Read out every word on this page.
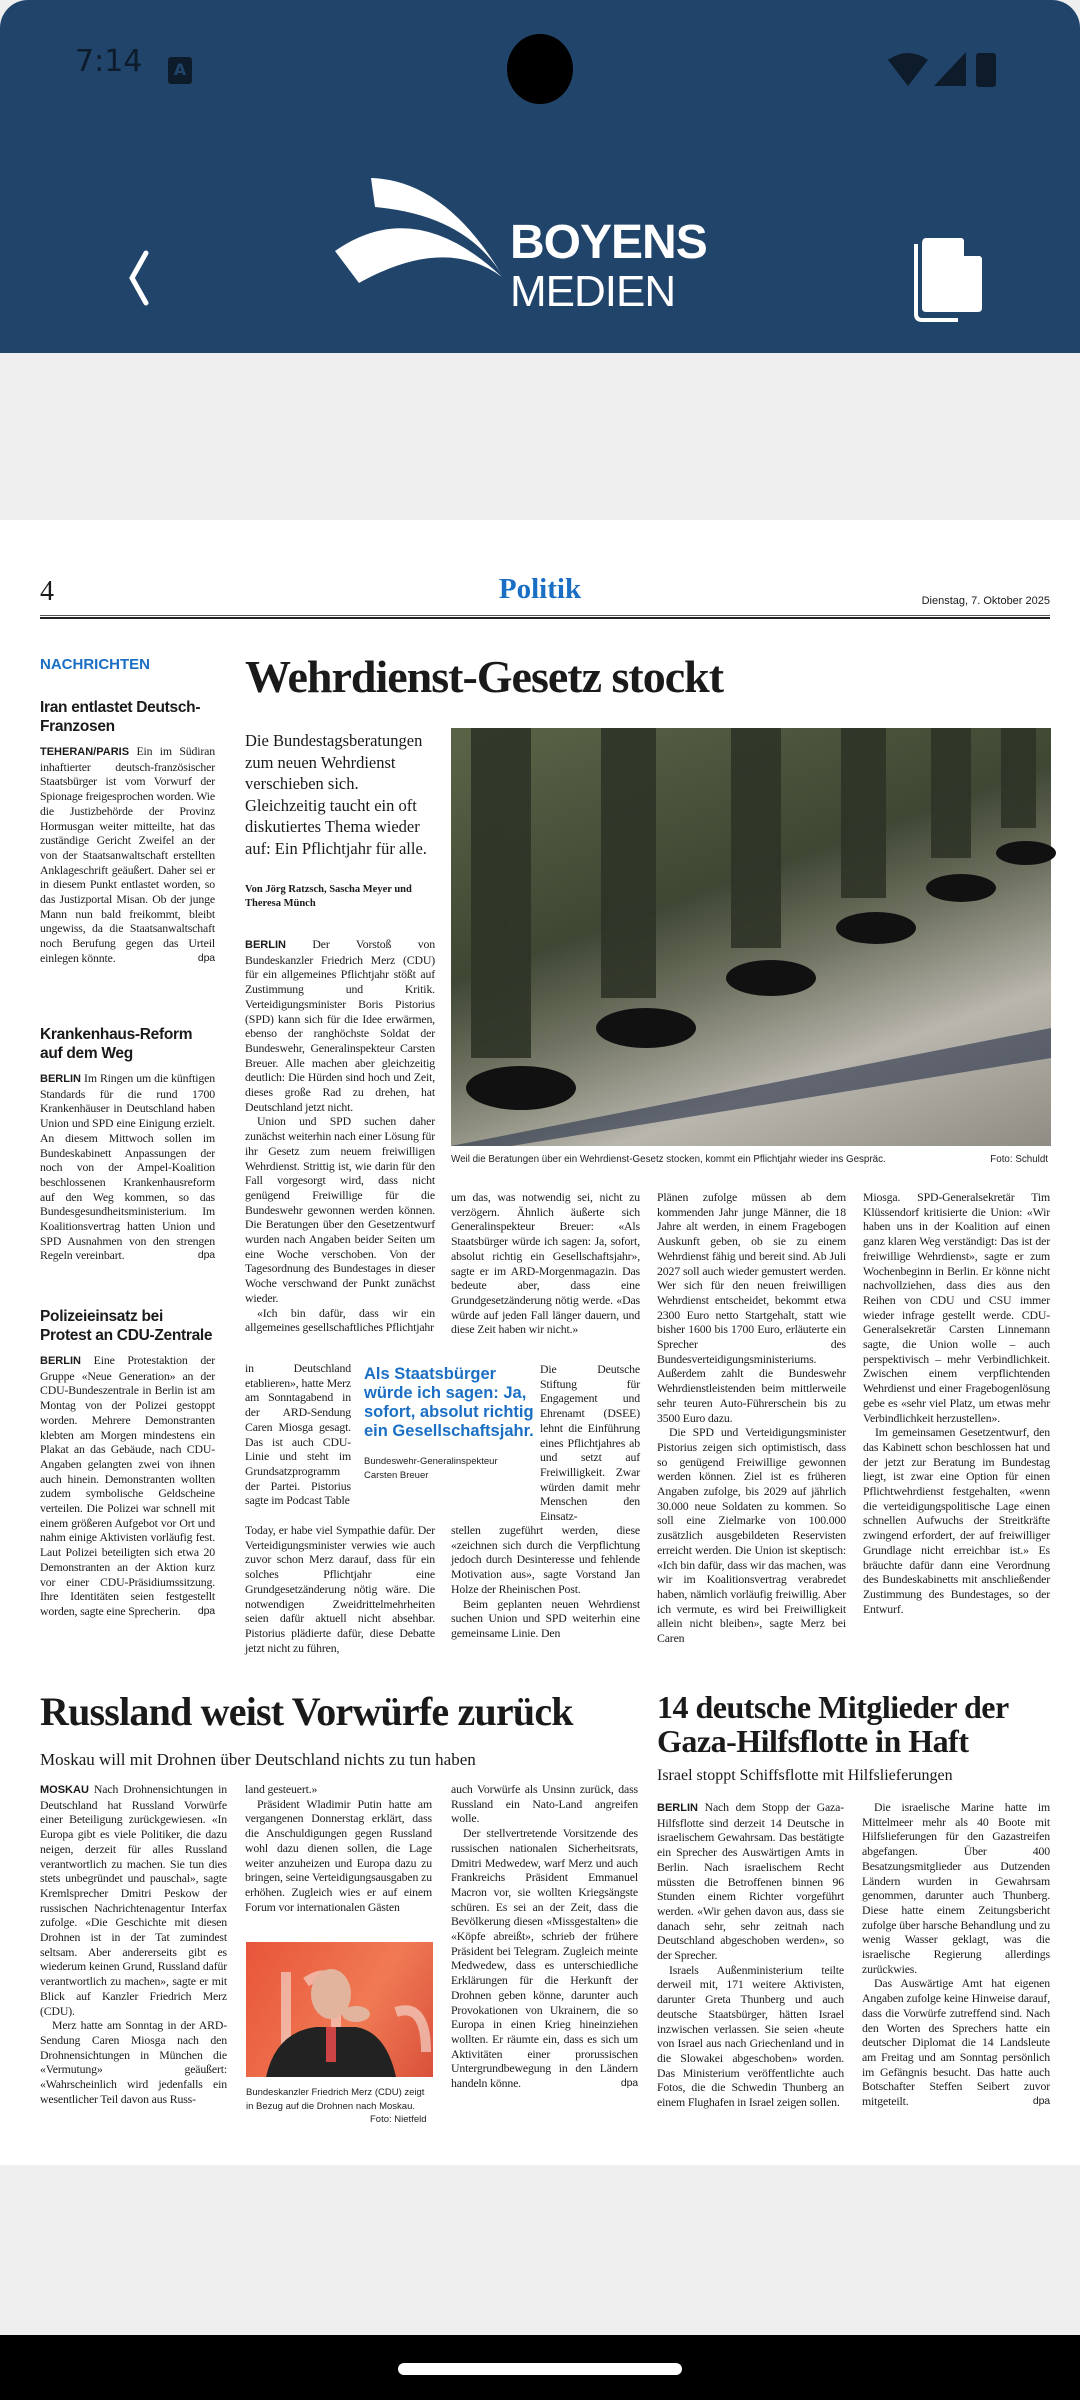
7:14	A
BOYENS
MEDIEN
4	Politik	Dienstag, 7. Oktober 2025
NACHRICHTEN
Iran entlastet Deutsch-Franzosen
TEHERAN/PARIS Ein im Südiran inhaftierter deutsch-französischer Staatsbürger ist vom Vorwurf der Spionage freigesprochen worden. Wie die Justizbehörde der Provinz Hormusgan weiter mitteilte, hat das zuständige Gericht Zweifel an der von der Staatsanwaltschaft erstellten Anklageschrift geäußert. Daher sei er in diesem Punkt entlastet worden, so das Justizportal Misan. Ob der junge Mann nun bald freikommt, bleibt ungewiss, da die Staatsanwaltschaft noch Berufung gegen das Urteil einlegen könnte.	dpa
Krankenhaus-Reform auf dem Weg
BERLIN Im Ringen um die künftigen Standards für die rund 1700 Krankenhäuser in Deutschland haben Union und SPD eine Einigung erzielt. An diesem Mittwoch sollen im Bundeskabinett Anpassungen der noch von der Ampel-Koalition beschlossenen Krankenhausreform auf den Weg kommen, so das Bundesgesundheitsministerium. Im Koalitionsvertrag hatten Union und SPD Ausnahmen von den strengen Regeln vereinbart.	dpa
Polizeieinsatz bei Protest an CDU-Zentrale
BERLIN Eine Protestaktion der Gruppe «Neue Generation» an der CDU-Bundeszentrale in Berlin ist am Montag von der Polizei gestoppt worden. Mehrere Demonstranten klebten am Morgen mindestens ein Plakat an das Gebäude, nach CDU-Angaben gelangten zwei von ihnen auch hinein. Demonstranten wollten zudem symbolische Geldscheine verteilen. Die Polizei war schnell mit einem größeren Aufgebot vor Ort und nahm einige Aktivisten vorläufig fest. Laut Polizei beteiligten sich etwa 20 Demonstranten an der Aktion kurz vor einer CDU-Präsidiumssitzung. Ihre Identitäten seien festgestellt worden, sagte eine Sprecherin. dpa
Wehrdienst-Gesetz stockt
Die Bundestagsberatungen zum neuen Wehrdienst verschieben sich. Gleichzeitig taucht ein oft diskutiertes Thema wieder auf: Ein Pflichtjahr für alle.
Von Jörg Ratzsch, Sascha Meyer und Theresa Münch
Weil die Beratungen über ein Wehrdienst-Gesetz stocken, kommt ein Pflichtjahr wieder ins Gespräc.	Foto: Schuldt

BERLIN Der Vorstoß von Bundeskanzler Friedrich Merz (CDU) für ein allgemeines Pflichtjahr stößt auf Zustimmung und Kritik. Verteidigungsminister Boris Pistorius (SPD) kann sich für die Idee erwärmen, ebenso der ranghöchste Soldat der Bundeswehr, Generalinspekteur Carsten Breuer. Alle machen aber gleichzeitig deutlich: Die Hürden sind hoch und Zeit, dieses große Rad zu drehen, hat Deutschland jetzt nicht.

Union und SPD suchen daher zunächst weiterhin nach einer Lösung für ihr Gesetz zum neuem freiwilligen Wehrdienst. Strittig ist, wie darin für den Fall vorgesorgt wird, dass nicht genügend Freiwillige für die Bundeswehr gewonnen werden können. Die Beratungen über den Gesetzentwurf wurden nach Angaben beider Seiten um eine Woche verschoben. Von der Tagesordnung des Bundestages in dieser Woche verschwand der Punkt zunächst wieder.

«Ich bin dafür, dass wir ein allgemeines gesellschaftliches Pflichtjahr

in Deutschland etablieren», hatte Merz am Sonntagabend in der ARD-Sendung Caren Miosga gesagt. Das ist auch CDU-Linie und steht im Grundsatzprogramm der Partei. Pistorius sagte im Podcast Table
Today, er habe viel Sympathie dafür. Der Verteidigungsminister verwies wie auch zuvor schon Merz darauf, dass für ein solches Pflichtjahr eine Grundgesetzänderung nötig wäre. Die notwendigen Zweidrittelmehrheiten seien dafür aktuell nicht absehbar. Pistorius plädierte dafür, diese Debatte jetzt nicht zu führen,
Als Staatsbürger würde ich sagen: Ja, sofort, absolut richtig ein Gesellschaftsjahr.
Bundeswehr-Generalinspekteur Carsten Breuer
um das, was notwendig sei, nicht zu verzögern. Ähnlich äußerte sich Generalinspekteur Breuer: «Als Staatsbürger würde ich sagen: Ja, sofort, absolut richtig ein Gesellschaftsjahr», sagte er im ARD-Morgenmagazin. Das bedeute aber, dass eine Grundgesetzänderung nötig werde. «Das würde auf jeden Fall länger dauern, und diese Zeit haben wir nicht.»
Die Deutsche Stiftung für Engagement und Ehrenamt (DSEE) lehnt die Einführung eines Pflichtjahres ab und setzt auf Freiwilligkeit. Zwar würden damit mehr Menschen den Einsatz-

stellen zugeführt werden, diese «zeichnen sich durch die Verpflichtung jedoch durch Desinteresse und fehlende Motivation aus», sagte Vorstand Jan Holze der Rheinischen Post.

Beim geplanten neuen Wehrdienst suchen Union und SPD weiterhin eine gemeinsame Linie. Den

Plänen zufolge müssen ab dem kommenden Jahr junge Männer, die 18 Jahre alt werden, in einem Fragebogen Auskunft geben, ob sie zu einem Wehrdienst fähig und bereit sind. Ab Juli 2027 soll auch wieder gemustert werden. Wer sich für den neuen freiwilligen Wehrdienst entscheidet, bekommt etwa 2300 Euro netto Startgehalt, statt wie bisher 1600 bis 1700 Euro, erläuterte ein Sprecher des Bundesverteidigungsministeriums. Außerdem zahlt die Bundeswehr Wehrdienstleistenden beim mittlerweile sehr teuren Auto-Führerschein bis zu 3500 Euro dazu.

Die SPD und Verteidigungsminister Pistorius zeigen sich optimistisch, dass so genügend Freiwillige gewonnen werden können. Ziel ist es früheren Angaben zufolge, bis 2029 auf jährlich 30.000 neue Soldaten zu kommen. So soll eine Zielmarke von 100.000 zusätzlich ausgebildeten Reservisten erreicht werden. Die Union ist skeptisch: «Ich bin dafür, dass wir das machen, was wir im Koalitionsvertrag verabredet haben, nämlich vorläufig freiwillig. Aber ich vermute, es wird bei Freiwilligkeit allein nicht bleiben», sagte Merz bei Caren

Miosga. SPD-Generalsekretär Tim Klüssendorf kritisierte die Union: «Wir haben uns in der Koalition auf einen ganz klaren Weg verständigt: Das ist der freiwillige Wehrdienst», sagte er zum Wochenbeginn in Berlin. Er könne nicht nachvollziehen, dass dies aus den Reihen von CDU und CSU immer wieder infrage gestellt werde. CDU-Generalsekretär Carsten Linnemann sagte, die Union wolle – auch perspektivisch – mehr Verbindlichkeit. Zwischen einem verpflichtenden Wehrdienst und einer Fragebogenlösung gebe es «sehr viel Platz, um etwas mehr Verbindlichkeit herzustellen».

Im gemeinsamen Gesetzentwurf, den das Kabinett schon beschlossen hat und der jetzt zur Beratung im Bundestag liegt, ist zwar eine Option für einen Pflichtwehrdienst festgehalten, «wenn die verteidigungspolitische Lage einen schnellen Aufwuchs der Streitkräfte zwingend erfordert, der auf freiwilliger Grundlage nicht erreichbar ist.» Es bräuchte dafür dann eine Verordnung des Bundeskabinetts mit anschließender Zustimmung des Bundestages, so der Entwurf.

Russland weist Vorwürfe zurück
Moskau will mit Drohnen über Deutschland nichts zu tun haben

MOSKAU Nach Drohnensichtungen in Deutschland hat Russland Vorwürfe einer Beteiligung zurückgewiesen. «In Europa gibt es viele Politiker, die dazu neigen, derzeit für alles Russland verantwortlich zu machen. Sie tun dies stets unbegründet und pauschal», sagte Kremlsprecher Dmitri Peskow der russischen Nachrichtenagentur Interfax zufolge. «Die Geschichte mit diesen Drohnen ist in der Tat zumindest seltsam. Aber andererseits gibt es wiederum keinen Grund, Russland dafür verantwortlich zu machen», sagte er mit Blick auf Kanzler Friedrich Merz (CDU).

Merz hatte am Sonntag in der ARD-Sendung Caren Miosga nach den Drohnensichtungen in München die «Vermutung» geäußert: «Wahrscheinlich wird jedenfalls ein wesentlicher Teil davon aus Russ-

land gesteuert.»

Präsident Wladimir Putin hatte am vergangenen Donnerstag erklärt, dass die Anschuldigungen gegen Russland wohl dazu dienen sollen, die Lage weiter anzuheizen und Europa dazu zu bringen, seine Verteidigungsausgaben zu erhöhen. Zugleich wies er auf einem Forum vor internationalen Gästen

Bundeskanzler Friedrich Merz (CDU) zeigt in Bezug auf die Drohnen nach Moskau.
Foto: Nietfeld

auch Vorwürfe als Unsinn zurück, dass Russland ein Nato-Land angreifen wolle.

Der stellvertretende Vorsitzende des russischen nationalen Sicherheitsrats, Dmitri Medwedew, warf Merz und auch Frankreichs Präsident Emmanuel Macron vor, sie wollten Kriegsängste schüren. Es sei an der Zeit, dass die Bevölkerung diesen «Missgestalten» die «Köpfe abreißt», schrieb der frühere Präsident bei Telegram. Zugleich meinte Medwedew, dass es unterschiedliche Erklärungen für die Herkunft der Drohnen geben könne, darunter auch Provokationen von Ukrainern, die so Europa in einen Krieg hineinziehen wollten. Er räumte ein, dass es sich um Aktivitäten einer prorussischen Untergrundbewegung in den Ländern handeln könne.	dpa

14 deutsche Mitglieder der Gaza-Hilfsflotte in Haft
Israel stoppt Schiffsflotte mit Hilfslieferungen

BERLIN Nach dem Stopp der Gaza-Hilfsflotte sind derzeit 14 Deutsche in israelischem Gewahrsam. Das bestätigte ein Sprecher des Auswärtigen Amts in Berlin. Nach israelischem Recht müssten die Betroffenen binnen 96 Stunden einem Richter vorgeführt werden. «Wir gehen davon aus, dass sie danach sehr, sehr zeitnah nach Deutschland abgeschoben werden», so der Sprecher.

Israels Außenministerium teilte derweil mit, 171 weitere Aktivisten, darunter Greta Thunberg und auch deutsche Staatsbürger, hätten Israel inzwischen verlassen. Sie seien «heute von Israel aus nach Griechenland und in die Slowakei abgeschoben» worden. Das Ministerium veröffentlichte auch Fotos, die die Schwedin Thunberg an einem Flughafen in Israel zeigen sollen.

Die israelische Marine hatte im Mittelmeer mehr als 40 Boote mit Hilfslieferungen für den Gazastreifen abgefangen. Über 400 Besatzungsmitglieder aus Dutzenden Ländern wurden in Gewahrsam genommen, darunter auch Thunberg. Diese hatte einem Zeitungsbericht zufolge über harsche Behandlung und zu wenig Wasser geklagt, was die israelische Regierung allerdings zurückwies.

Das Auswärtige Amt hat eigenen Angaben zufolge keine Hinweise darauf, dass die Vorwürfe zutreffend sind. Nach den Worten des Sprechers hatte ein deutscher Diplomat die 14 Landsleute am Freitag und am Sonntag persönlich im Gefängnis besucht. Das hatte auch Botschafter Steffen Seibert zuvor mitgeteilt.	dpa
